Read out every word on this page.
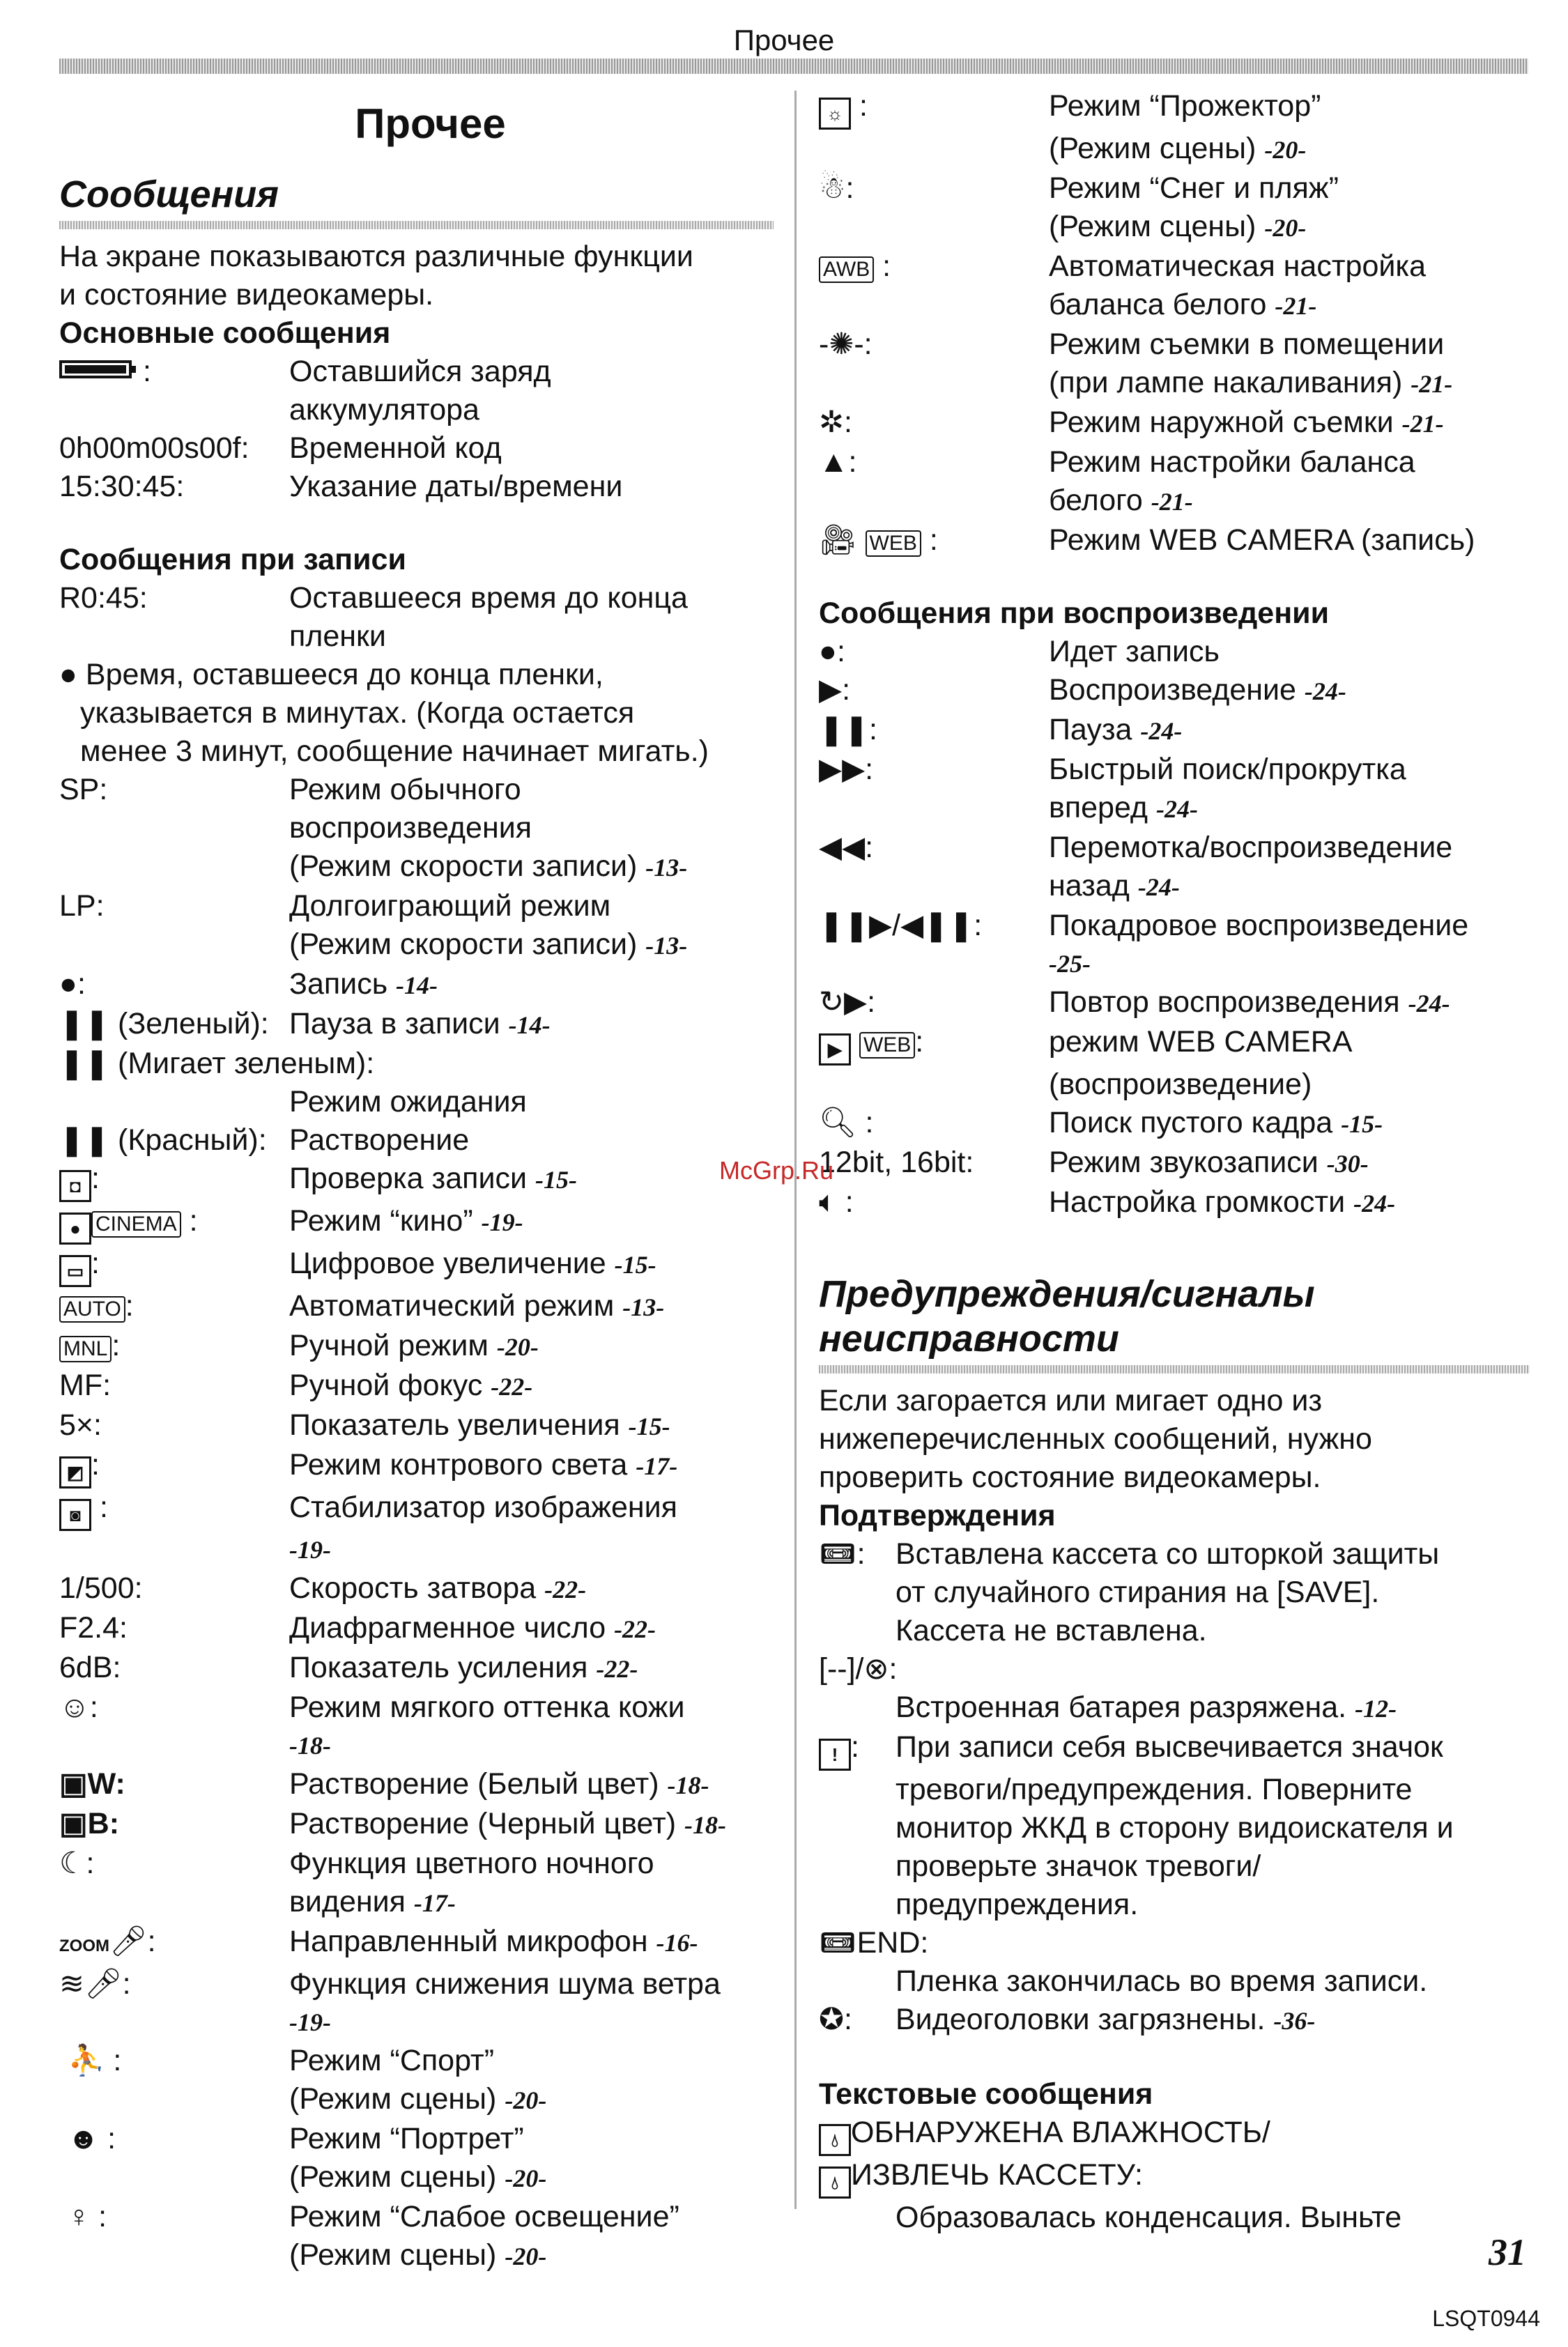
Прочее
Прочее
Сообщения
На экране показываются различные функции
и состояние видеокамеры.
Основные сообщения
:	Оставшийся заряд
аккумулятора
0h00m00s00f:	Временной код
15:30:45:	Указание даты/времени
Сообщения при записи
R0:45:	Оставшееся время до конца
пленки
● Время, оставшееся до конца пленки,
указывается в минутах. (Когда остается
менее 3 минут, сообщение начинает мигать.)
SP:	Режим обычного
воспроизведения
(Режим скорости записи) -13-
LP:	Долгоиграющий режим
(Режим скорости записи) -13-
●:	Запись -14-
❚❚ (Зеленый): Пауза в записи -14-
❚❚ (Мигает зеленым):
Режим ожидания
❚❚ (Красный): Растворение
◘ :	Проверка записи -15-
● CINEMA :	Режим “кино” -19-
▭ :	Цифровое увеличение -15-
AUTO :	Автоматический режим -13-
MNL :	Ручной режим -20-
MF:	Ручной фокус -22-
5×:	Показатель увеличения -15-
◩ :	Режим контрового света -17-
◙ :	Стабилизатор изображения
-19-
1/500:	Скорость затвора -22-
F2.4:	Диафрагменное число -22-
6dB:	Показатель усиления -22-
☺:	Режим мягкого оттенка кожи
-18-
▣W:	Растворение (Белый цвет) -18-
▣B:	Растворение (Черный цвет) -18-
☾:	Функция цветного ночного
видения -17-
ZOOM🎤︎:	Направленный микрофон -16-
≋🎤︎:	Функция снижения шума ветра
-19-
⛹ :	Режим “Спорт”
(Режим сцены) -20-
☻ :	Режим “Портрет”
(Режим сцены) -20-
♀ :	Режим “Слабое освещение”
(Режим сцены) -20-
☼ :	Режим “Прожектор”
(Режим сцены) -20-
☃:	Режим “Снег и пляж”
(Режим сцены) -20-
AWB :	Автоматическая настройка
баланса белого -21-
-✺-:	Режим съемки в помещении
(при лампе накаливания) -21-
✲:	Режим наружной съемки -21-
▲:	Режим настройки баланса
белого -21-
🎥︎ WEB :	Режим WEB CAMERA (запись)
Сообщения при воспроизведении
●:	Идет запись
▶:	Воспроизведение -24-
❚❚:	Пауза -24-
▶▶:	Быстрый поиск/прокрутка
вперед -24-
◀◀:	Перемотка/воспроизведение
назад -24-
❚❚▶/◀❚❚:	Покадровое воспроизведение
-25-
↻▶:	Повтор воспроизведения -24-
▶ WEB :	режим WEB CAMERA
(воспроизведение)
🔍︎ :	Поиск пустого кадра -15-
12bit, 16bit:	Режим звукозаписи -30-
🔈︎ :	Настройка громкости -24-
Предупреждения/сигналы
неисправности
Если загорается или мигает одно из
нижеперечисленных сообщений, нужно
проверить состояние видеокамеры.
Подтверждения
📼︎:	Вставлена кассета со шторкой защиты
от случайного стирания на [SAVE].
Кассета не вставлена.
[--]/⊗:
Встроенная батарея разряжена. -12-
! :	При записи себя высвечивается значок
тревоги/предупреждения. Поверните
монитор ЖКД в сторону видоискателя и
проверьте значок тревоги/
предупреждения.
📼︎END:
Пленка закончилась во время записи.
✪:	Видеоголовки загрязнены. -36-
Текстовые сообщения
💧︎ ОБНАРУЖЕНА ВЛАЖНОСТЬ/
💧︎ ИЗВЛЕЧЬ КАССЕТУ:
Образовалась конденсация. Выньте
McGrp.Ru
31
LSQT0944
